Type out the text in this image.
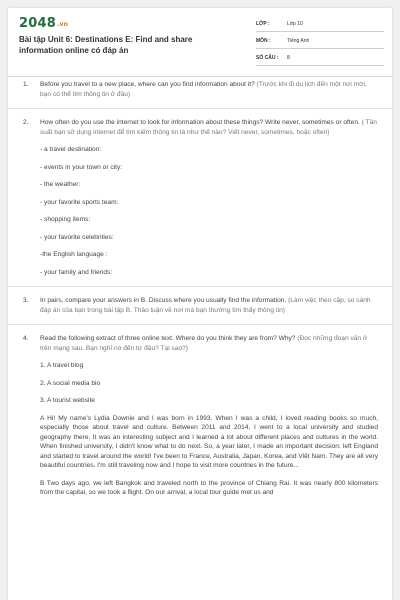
2048.vn
Bài tập Unit 6: Destinations E: Find and share information online có đáp án
LỚP :	Lớp 10
MÔN :	Tiếng Anh
SỐ CÂU :	8
1. Before you travel to a new place, where can you find information about it? (Trước khi đi du lịch đến một nơi mới, bạn có thể tìm thông tin ở đâu)
2. How often do you use the internet to look for information about these things? Write never, sometimes or often. ( Tần suất bạn sử dụng internet để tìm kiếm thông tin là như thế nào? Viết never, sometimes, hoặc often)
- a travel destination:
- events in your town or city:
- the weather:
- your favorite sports team:
- shopping items:
- your favorite celebrities:
-the English language :
- your family and friends:
3. In pairs, compare your answers in B. Discuss where you usually find the information. (Làm việc theo cặp, so sánh đáp án của bạn trong bài tập B. Thảo luận về nơi mà bạn thường tìm thấy thông tin)
4. Read the following extract of three online text. Where do you think they are from? Why? (Đọc những đoạn văn ở trên mạng sau. Bạn nghĩ nó đến từ đâu? Tại sao?)
1. A travel blog
2. A social media bio
3. A tourist website
A Hi! My name's Lydia Downie and I was born in 1993. When I was a child, I loved reading books so much, especially those about travel and culture. Between 2011 and 2014, I went to a local university and studied geography there. It was an interesting subject and I learned a lot about different places and cultures in the world. When finished university, I didn't know what to do next. So, a year later, I made an important decision: left England and started to travel around the world! I've been to France, Australia, Japan, Korea, and Việt Nam. They are all very beautiful countries. I'm still traveling now and I hope to visit more countries in the future...
B Two days ago, we left Bangkok and traveled north to the province of Chiang Rai. It was nearly 800 kilometers from the capital, so we took a flight. On our arrival, a local tour guide met us and
